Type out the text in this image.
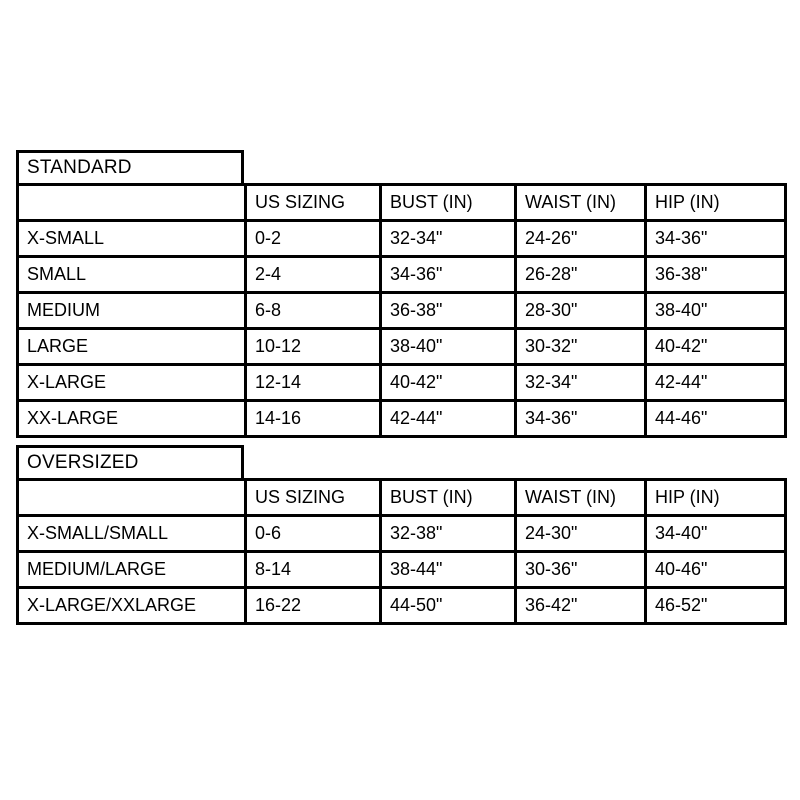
STANDARD
	US SIZING	BUST (IN)	WAIST (IN)	HIP (IN)
X-SMALL	0-2	32-34"	24-26"	34-36"
SMALL	2-4	34-36"	26-28"	36-38"
MEDIUM	6-8	36-38"	28-30"	38-40"
LARGE	10-12	38-40"	30-32"	40-42"
X-LARGE	12-14	40-42"	32-34"	42-44"
XX-LARGE	14-16	42-44"	34-36"	44-46"
OVERSIZED
	US SIZING	BUST (IN)	WAIST (IN)	HIP (IN)
X-SMALL/SMALL	0-6	32-38"	24-30"	34-40"
MEDIUM/LARGE	8-14	38-44"	30-36"	40-46"
X-LARGE/XXLARGE	16-22	44-50"	36-42"	46-52"
